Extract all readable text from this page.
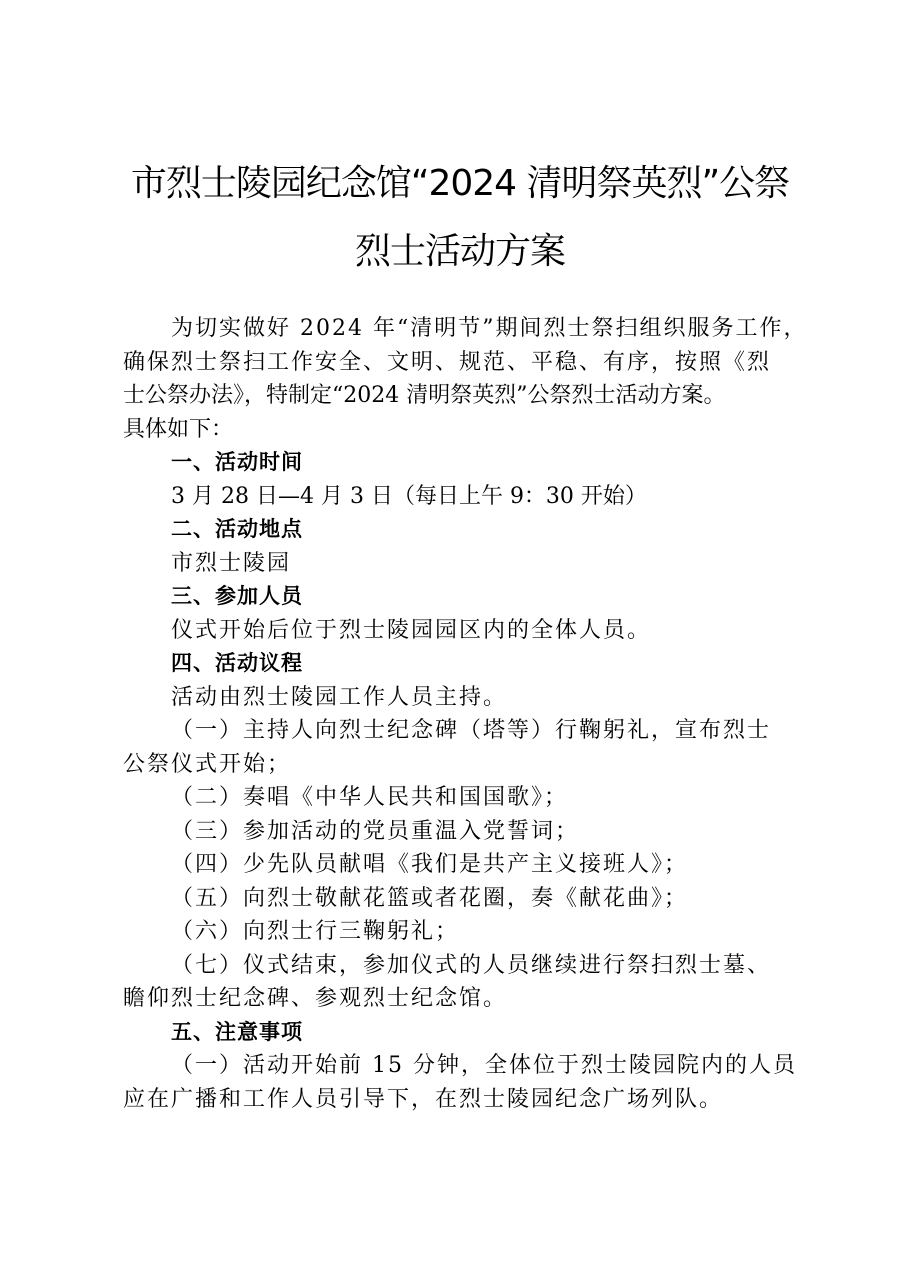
市烈士陵园纪念馆“2024 清明祭英烈”公祭
烈士活动方案

为切实做好 2024 年“清明节”期间烈士祭扫组织服务工作，

确保烈士祭扫工作安全、文明、规范、平稳、有序，按照《烈

士公祭办法》，特制定“2024 清明祭英烈”公祭烈士活动方案。

具体如下：

一、活动时间

3 月 28 日—4 月 3 日（每日上午 9：30 开始）

二、活动地点

市烈士陵园

三、参加人员

仪式开始后位于烈士陵园园区内的全体人员。

四、活动议程

活动由烈士陵园工作人员主持。

（一）主持人向烈士纪念碑（塔等）行鞠躬礼，宣布烈士

公祭仪式开始；

（二）奏唱《中华人民共和国国歌》；

（三）参加活动的党员重温入党誓词；

（四）少先队员献唱《我们是共产主义接班人》；

（五）向烈士敬献花篮或者花圈，奏《献花曲》；

（六）向烈士行三鞠躬礼；

（七）仪式结束，参加仪式的人员继续进行祭扫烈士墓、

瞻仰烈士纪念碑、参观烈士纪念馆。

五、注意事项

（一）活动开始前 15 分钟，全体位于烈士陵园院内的人员

应在广播和工作人员引导下，在烈士陵园纪念广场列队。
